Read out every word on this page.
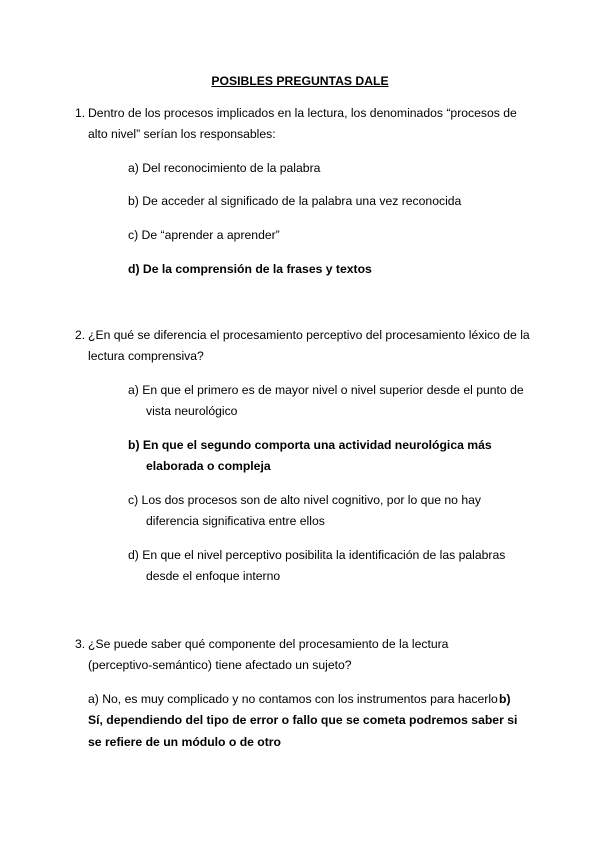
POSIBLES PREGUNTAS DALE
1. Dentro de los procesos implicados en la lectura, los denominados “procesos de
alto nivel” serían los responsables:
a) Del reconocimiento de la palabra
b) De acceder al significado de la palabra una vez reconocida
c) De “aprender a aprender”
d) De la comprensión de la frases y textos
2. ¿En qué se diferencia el procesamiento perceptivo del procesamiento léxico de la
lectura comprensiva?
a) En que el primero es de mayor nivel o nivel superior desde el punto de
vista neurológico
b) En que el segundo comporta una actividad neurológica más
elaborada o compleja
c) Los dos procesos son de alto nivel cognitivo, por lo que no hay
diferencia significativa entre ellos
d) En que el nivel perceptivo posibilita la identificación de las palabras
desde el enfoque interno
3. ¿Se puede saber qué componente del procesamiento de la lectura
(perceptivo-semántico) tiene afectado un sujeto?
a) No, es muy complicado y no contamos con los instrumentos para hacerlo b)
Sí, dependiendo del tipo de error o fallo que se cometa podremos saber si
se refiere de un módulo o de otro
